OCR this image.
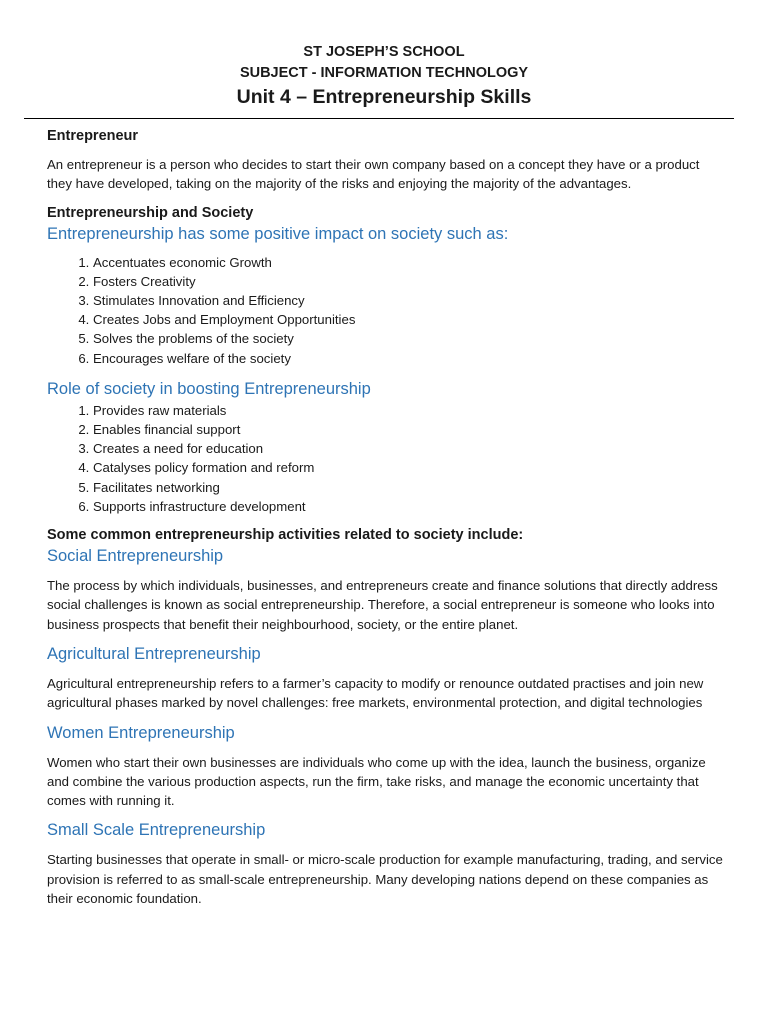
ST JOSEPH’S SCHOOL
SUBJECT - INFORMATION TECHNOLOGY
Unit 4 – Entrepreneurship Skills

Entrepreneur

An entrepreneur is a person who decides to start their own company based on a concept they have or a product they have developed, taking on the majority of the risks and enjoying the majority of the advantages.

Entrepreneurship and Society

Entrepreneurship has some positive impact on society such as:

1. Accentuates economic Growth
2. Fosters Creativity
3. Stimulates Innovation and Efficiency
4. Creates Jobs and Employment Opportunities
5. Solves the problems of the society
6. Encourages welfare of the society

Role of society in boosting Entrepreneurship

1. Provides raw materials
2. Enables financial support
3. Creates a need for education
4. Catalyses policy formation and reform
5. Facilitates networking
6. Supports infrastructure development

Some common entrepreneurship activities related to society include:

Social Entrepreneurship

The process by which individuals, businesses, and entrepreneurs create and finance solutions that directly address social challenges is known as social entrepreneurship. Therefore, a social entrepreneur is someone who looks into business prospects that benefit their neighbourhood, society, or the entire planet.

Agricultural Entrepreneurship

Agricultural entrepreneurship refers to a farmer’s capacity to modify or renounce outdated practises and join new agricultural phases marked by novel challenges: free markets, environmental protection, and digital technologies

Women Entrepreneurship

Women who start their own businesses are individuals who come up with the idea, launch the business, organize and combine the various production aspects, run the firm, take risks, and manage the economic uncertainty that comes with running it.

Small Scale Entrepreneurship

Starting businesses that operate in small- or micro-scale production for example manufacturing, trading, and service provision is referred to as small-scale entrepreneurship. Many developing nations depend on these companies as their economic foundation.
